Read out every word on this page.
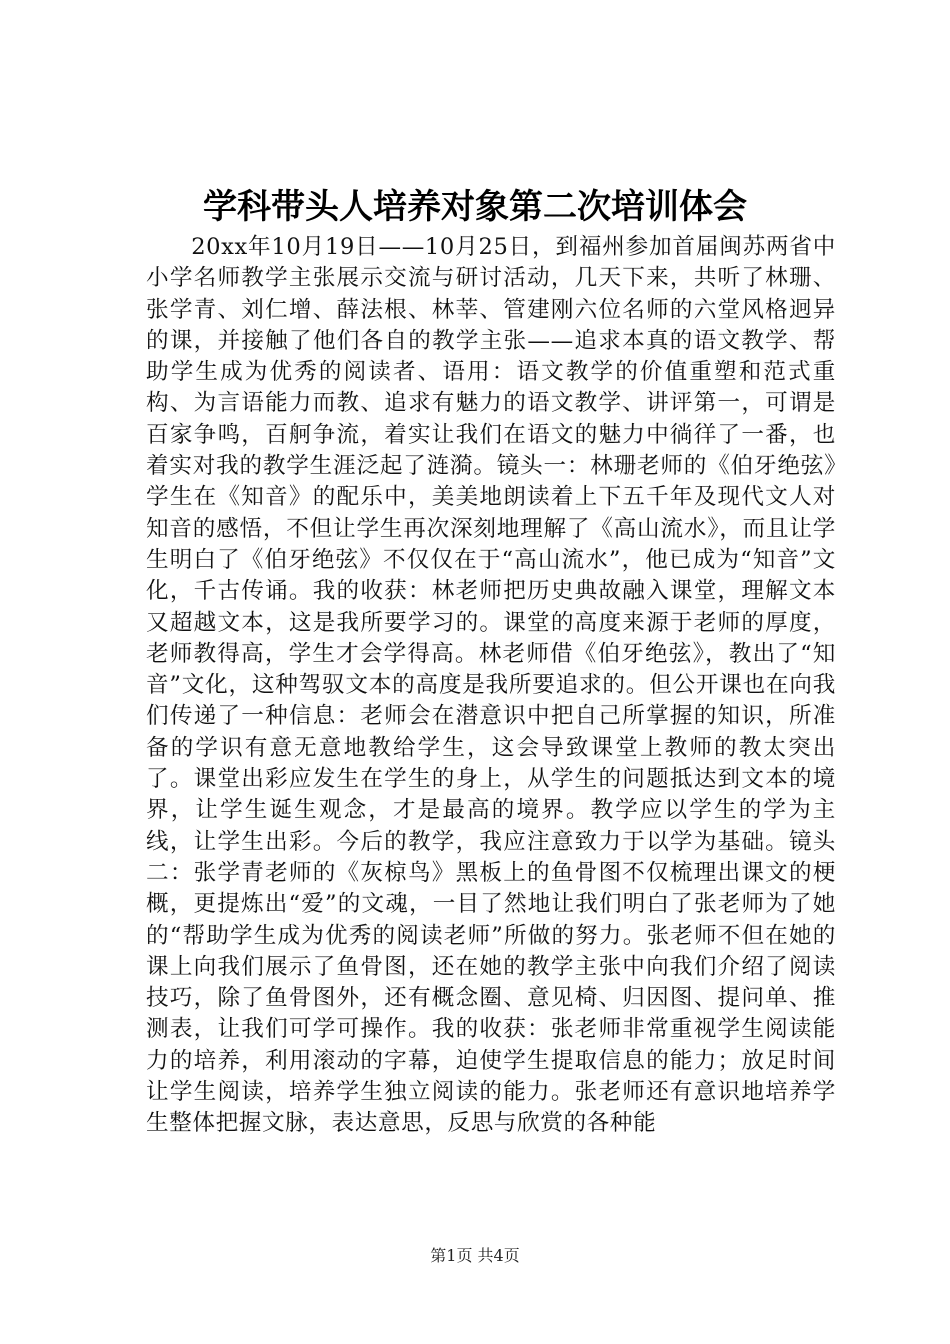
学科带头人培养对象第二次培训体会

20xx年10月19日——10月25日，到福州参加首届闽苏两省中小学名师教学主张展示交流与研讨活动，几天下来，共听了林珊、张学青、刘仁增、薛法根、林莘、管建刚六位名师的六堂风格迥异的课，并接触了他们各自的教学主张——追求本真的语文教学、帮助学生成为优秀的阅读者、语用：语文教学的价值重塑和范式重构、为言语能力而教、追求有魅力的语文教学、讲评第一，可谓是百家争鸣，百舸争流，着实让我们在语文的魅力中徜徉了一番，也着实对我的教学生涯泛起了涟漪。镜头一：林珊老师的《伯牙绝弦》学生在《知音》的配乐中，美美地朗读着上下五千年及现代文人对知音的感悟，不但让学生再次深刻地理解了《高山流水》，而且让学生明白了《伯牙绝弦》不仅仅在于“高山流水”，他已成为“知音”文化，千古传诵。我的收获：林老师把历史典故融入课堂，理解文本又超越文本，这是我所要学习的。课堂的高度来源于老师的厚度，老师教得高，学生才会学得高。林老师借《伯牙绝弦》，教出了“知音”文化，这种驾驭文本的高度是我所要追求的。但公开课也在向我们传递了一种信息：老师会在潜意识中把自己所掌握的知识，所准备的学识有意无意地教给学生，这会导致课堂上教师的教太突出了。课堂出彩应发生在学生的身上，从学生的问题抵达到文本的境界，让学生诞生观念，才是最高的境界。教学应以学生的学为主线，让学生出彩。今后的教学，我应注意致力于以学为基础。镜头二：张学青老师的《灰椋鸟》黑板上的鱼骨图不仅梳理出课文的梗概，更提炼出“爱”的文魂，一目了然地让我们明白了张老师为了她的“帮助学生成为优秀的阅读老师”所做的努力。张老师不但在她的课上向我们展示了鱼骨图，还在她的教学主张中向我们介绍了阅读技巧，除了鱼骨图外，还有概念圈、意见椅、归因图、提问单、推测表，让我们可学可操作。我的收获：张老师非常重视学生阅读能力的培养，利用滚动的字幕，迫使学生提取信息的能力；放足时间让学生阅读，培养学生独立阅读的能力。张老师还有意识地培养学生整体把握文脉，表达意思，反思与欣赏的各种能

第1页 共4页
